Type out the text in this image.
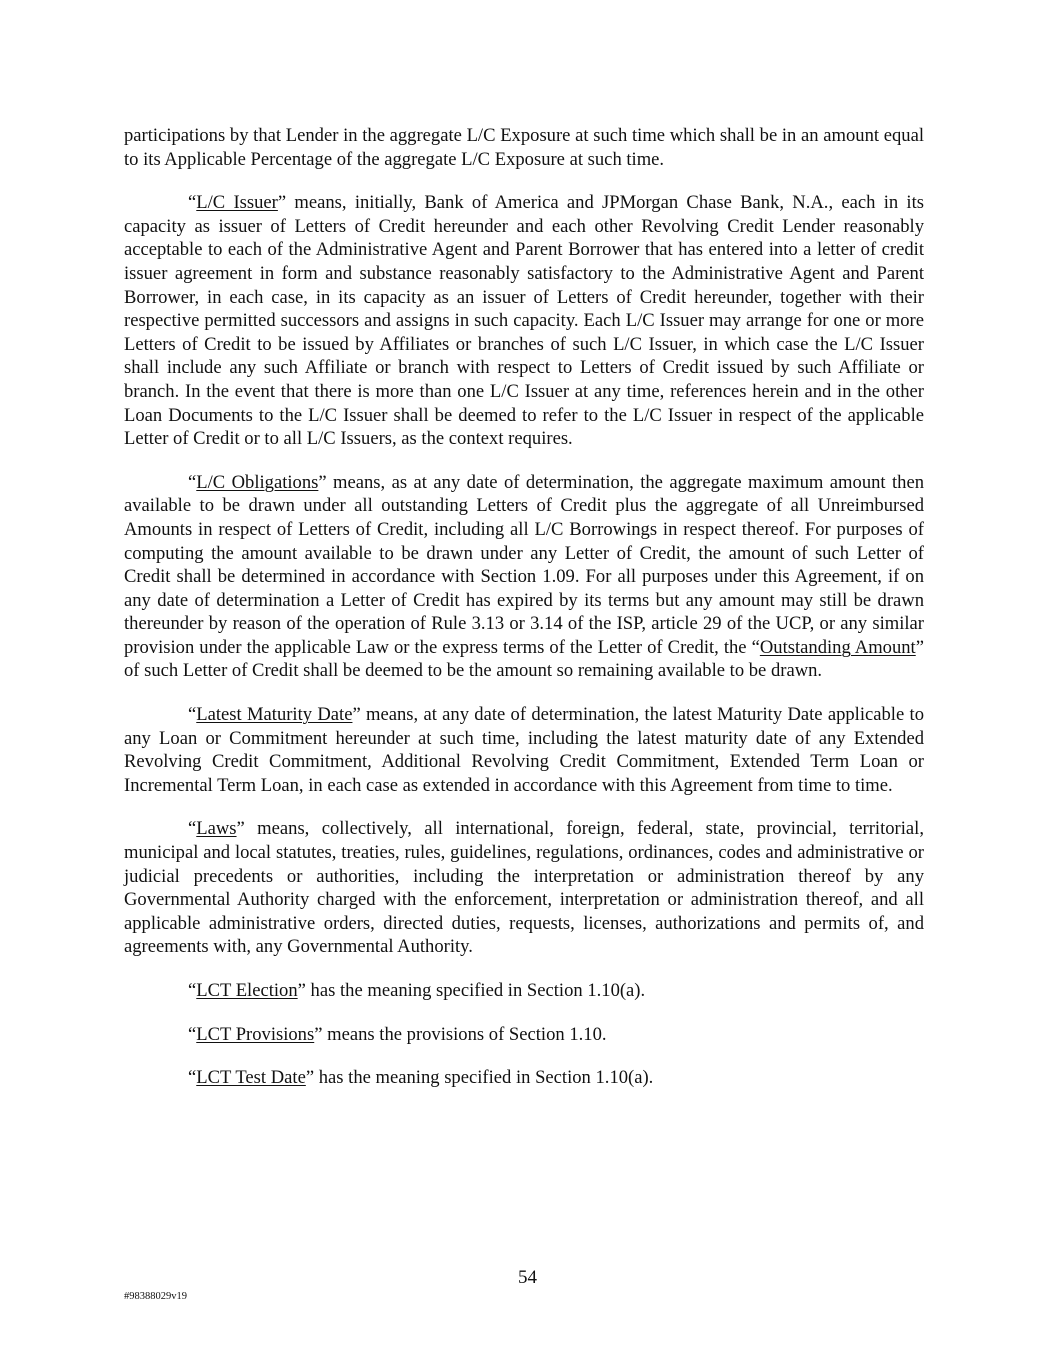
participations by that Lender in the aggregate L/C Exposure at such time which shall be in an amount equal to its Applicable Percentage of the aggregate L/C Exposure at such time.

“L/C Issuer” means, initially, Bank of America and JPMorgan Chase Bank, N.A., each in its capacity as issuer of Letters of Credit hereunder and each other Revolving Credit Lender reasonably acceptable to each of the Administrative Agent and Parent Borrower that has entered into a letter of credit issuer agreement in form and substance reasonably satisfactory to the Administrative Agent and Parent Borrower, in each case, in its capacity as an issuer of Letters of Credit hereunder, together with their respective permitted successors and assigns in such capacity. Each L/C Issuer may arrange for one or more Letters of Credit to be issued by Affiliates or branches of such L/C Issuer, in which case the L/C Issuer shall include any such Affiliate or branch with respect to Letters of Credit issued by such Affiliate or branch. In the event that there is more than one L/C Issuer at any time, references herein and in the other Loan Documents to the L/C Issuer shall be deemed to refer to the L/C Issuer in respect of the applicable Letter of Credit or to all L/C Issuers, as the context requires.

“L/C Obligations” means, as at any date of determination, the aggregate maximum amount then available to be drawn under all outstanding Letters of Credit plus the aggregate of all Unreimbursed Amounts in respect of Letters of Credit, including all L/C Borrowings in respect thereof. For purposes of computing the amount available to be drawn under any Letter of Credit, the amount of such Letter of Credit shall be determined in accordance with Section 1.09. For all purposes under this Agreement, if on any date of determination a Letter of Credit has expired by its terms but any amount may still be drawn thereunder by reason of the operation of Rule 3.13 or 3.14 of the ISP, article 29 of the UCP, or any similar provision under the applicable Law or the express terms of the Letter of Credit, the “Outstanding Amount” of such Letter of Credit shall be deemed to be the amount so remaining available to be drawn.

“Latest Maturity Date” means, at any date of determination, the latest Maturity Date applicable to any Loan or Commitment hereunder at such time, including the latest maturity date of any Extended Revolving Credit Commitment, Additional Revolving Credit Commitment, Extended Term Loan or Incremental Term Loan, in each case as extended in accordance with this Agreement from time to time.

“Laws” means, collectively, all international, foreign, federal, state, provincial, territorial, municipal and local statutes, treaties, rules, guidelines, regulations, ordinances, codes and administrative or judicial precedents or authorities, including the interpretation or administration thereof by any Governmental Authority charged with the enforcement, interpretation or administration thereof, and all applicable administrative orders, directed duties, requests, licenses, authorizations and permits of, and agreements with, any Governmental Authority.

“LCT Election” has the meaning specified in Section 1.10(a).

“LCT Provisions” means the provisions of Section 1.10.

“LCT Test Date” has the meaning specified in Section 1.10(a).

54
#98388029v19
